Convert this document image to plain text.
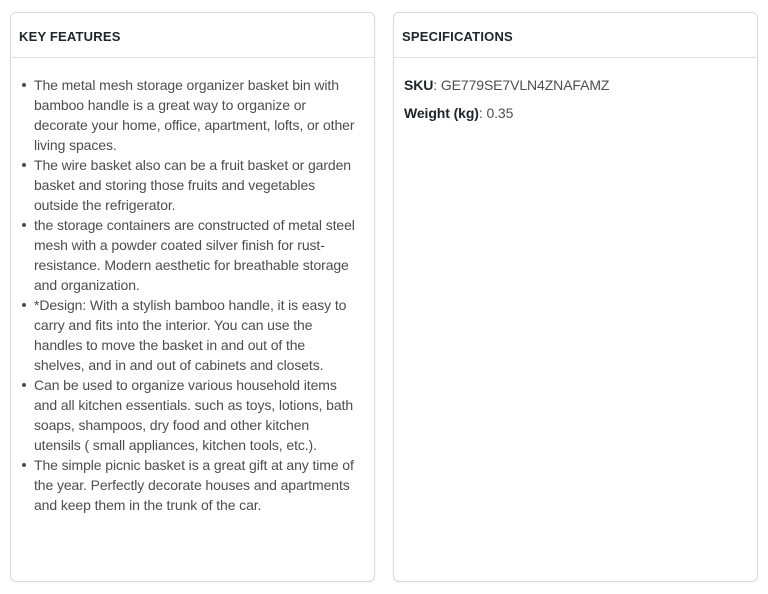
KEY FEATURES
The metal mesh storage organizer basket bin with bamboo handle is a great way to organize or decorate your home, office, apartment, lofts, or other living spaces.
The wire basket also can be a fruit basket or garden basket and storing those fruits and vegetables outside the refrigerator.
the storage containers are constructed of metal steel mesh with a powder coated silver finish for rust-resistance. Modern aesthetic for breathable storage and organization.
*Design: With a stylish bamboo handle, it is easy to carry and fits into the interior. You can use the handles to move the basket in and out of the shelves, and in and out of cabinets and closets.
Can be used to organize various household items and all kitchen essentials. such as toys, lotions, bath soaps, shampoos, dry food and other kitchen utensils ( small appliances, kitchen tools, etc.).
The simple picnic basket is a great gift at any time of the year. Perfectly decorate houses and apartments and keep them in the trunk of the car.
SPECIFICATIONS

SKU: GE779SE7VLN4ZNAFAMZ

Weight (kg): 0.35
